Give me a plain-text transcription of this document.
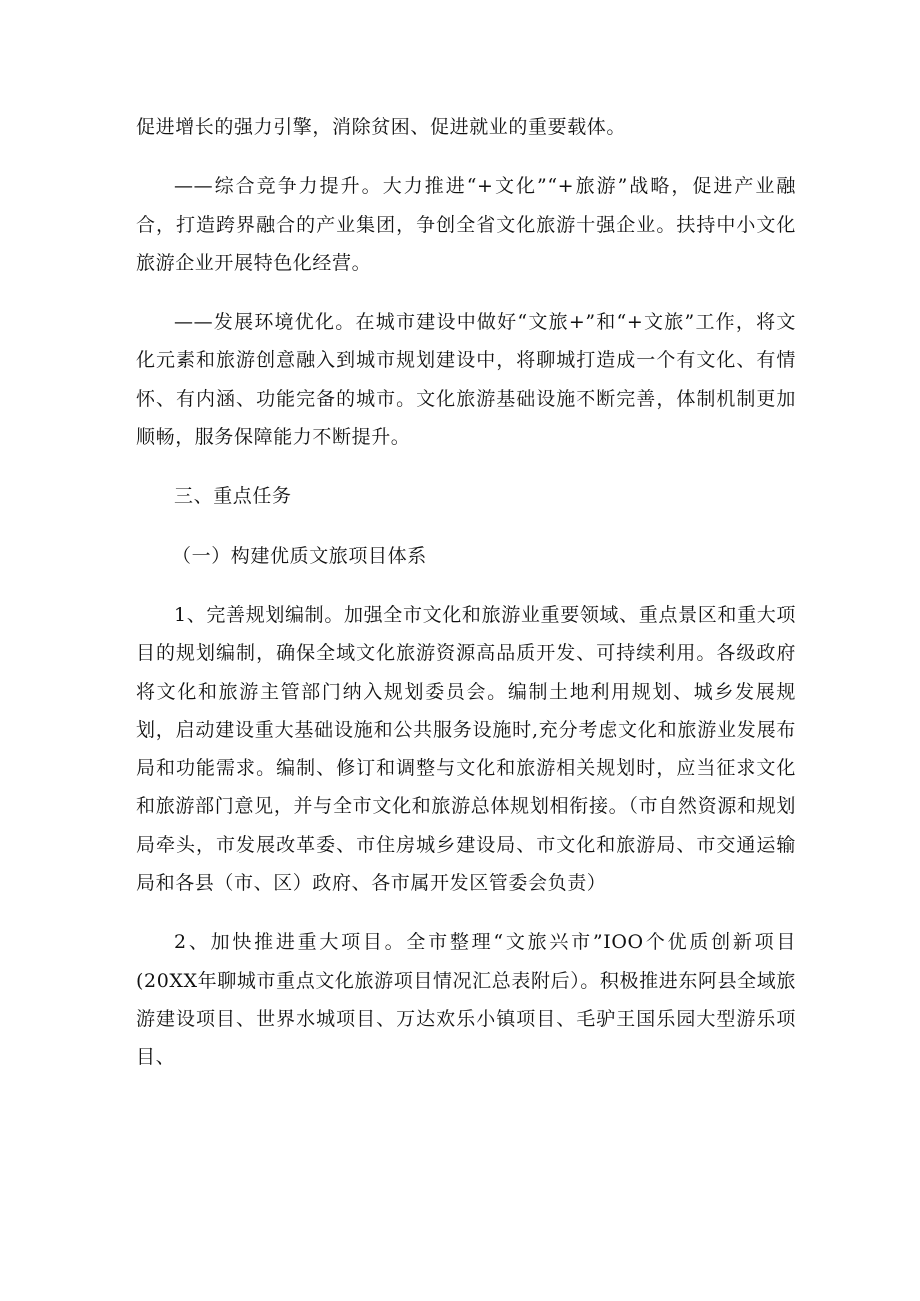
促进增长的强力引擎，消除贫困、促进就业的重要载体。

——综合竞争力提升。大力推进“+文化”“+旅游”战略，促进产业融合，打造跨界融合的产业集团，争创全省文化旅游十强企业。扶持中小文化旅游企业开展特色化经营。

——发展环境优化。在城市建设中做好“文旅+”和“+文旅”工作，将文化元素和旅游创意融入到城市规划建设中，将聊城打造成一个有文化、有情怀、有内涵、功能完备的城市。文化旅游基础设施不断完善，体制机制更加顺畅，服务保障能力不断提升。

三、重点任务

（一）构建优质文旅项目体系

1、完善规划编制。加强全市文化和旅游业重要领域、重点景区和重大项目的规划编制，确保全域文化旅游资源高品质开发、可持续利用。各级政府将文化和旅游主管部门纳入规划委员会。编制土地利用规划、城乡发展规划，启动建设重大基础设施和公共服务设施时,充分考虑文化和旅游业发展布局和功能需求。编制、修订和调整与文化和旅游相关规划时，应当征求文化和旅游部门意见，并与全市文化和旅游总体规划相衔接。（市自然资源和规划局牵头，市发展改革委、市住房城乡建设局、市文化和旅游局、市交通运输局和各县（市、区）政府、各市属开发区管委会负责）

2、加快推进重大项目。全市整理“文旅兴市”IOO个优质创新项目(20XX年聊城市重点文化旅游项目情况汇总表附后）。积极推进东阿县全域旅游建设项目、世界水城项目、万达欢乐小镇项目、毛驴王国乐园大型游乐项目、
